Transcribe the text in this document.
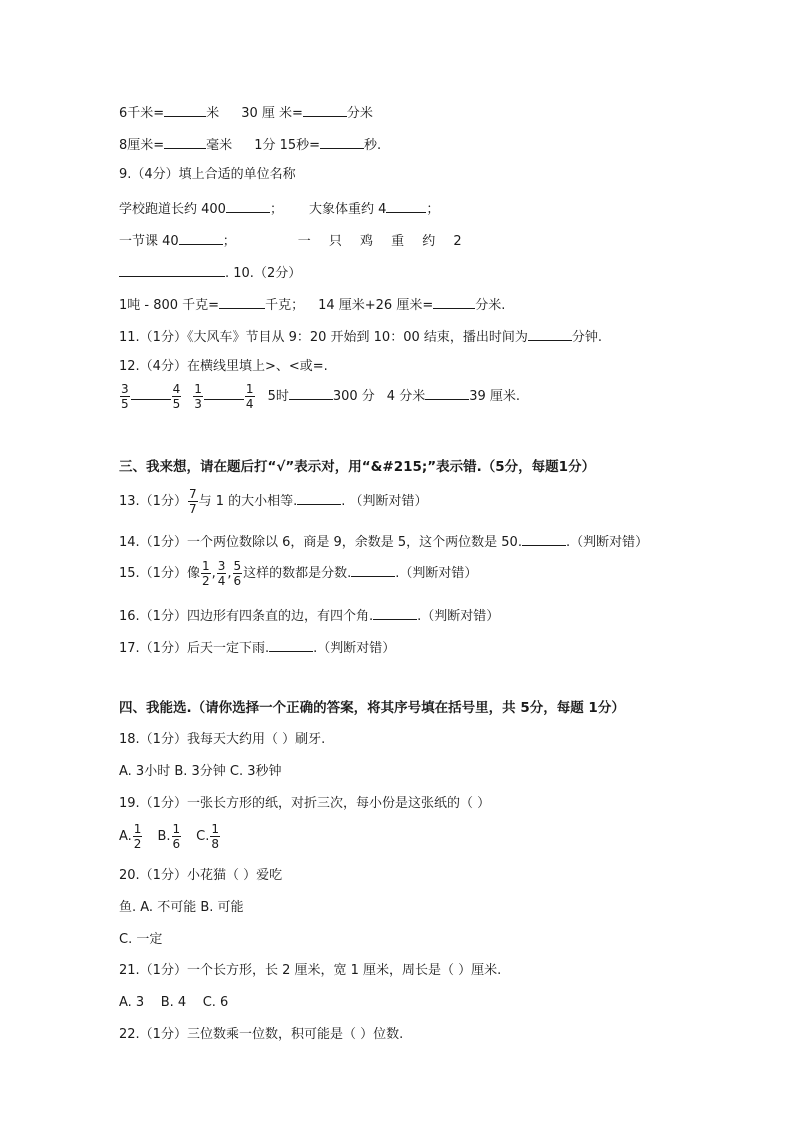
6千米=	米 30 厘 米=	分米
8厘米=	毫米 1分 15秒=	秒.
9.（4分）填上合适的单位名称
学校跑道长约 400	； 大象体重约 4	；
一节课 40	；	一 只 鸡 重 约 2
. 10.（2分）
1吨 - 800 千克=	千克； 14 厘米+26 厘米=	分米.
11.（1分）《大风车》节目从 9：20 开始到 10：00 结束，播出时间为	分钟.
12.（4分）在横线里填上>、<或=.
$\frac{3}{5}$	$\frac{4}{5} \frac{1}{3}$	$\frac{1}{4} 5$时	300 分 4 分米	39 厘米.
三、我来想，请在题后打“√”表示对，用“&#215;”表示错.（5分，每题1分）
13.（1分） $\frac{7}{7}$ 与 1 的大小相等.	. （判断对错）
14.（1分）一个两位数除以 6，商是 9，余数是 5，这个两位数是 50.	.（判断对错）
15.（1分）像 $\frac{1}{2}$ , $\frac{3}{4}$ , $\frac{5}{6}$ 这样的数都是分数.	.（判断对错）
16.（1分）四边形有四条直的边，有四个角.	.（判断对错）
17.（1分）后天一定下雨.	.（判断对错）
四、我能选.（请你选择一个正确的答案，将其序号填在括号里，共 5分，每题 1分）
18.（1分）我每天大约用（ ）刷牙.
A. 3小时 B. 3分钟 C. 3秒钟
19.（1分）一张长方形的纸，对折三次，每小份是这张纸的（ ）
A. $\frac{1}{2} B$. $\frac{1}{6} C$. $\frac{1}{8}$
20.（1分）小花猫（ ）爱吃
鱼. A. 不可能 B. 可能
C. 一定
21.（1分）一个长方形，长 2 厘米，宽 1 厘米，周长是（ ）厘米.
A. 3    B. 4    C. 6
22.（1分）三位数乘一位数，积可能是（ ）位数.
